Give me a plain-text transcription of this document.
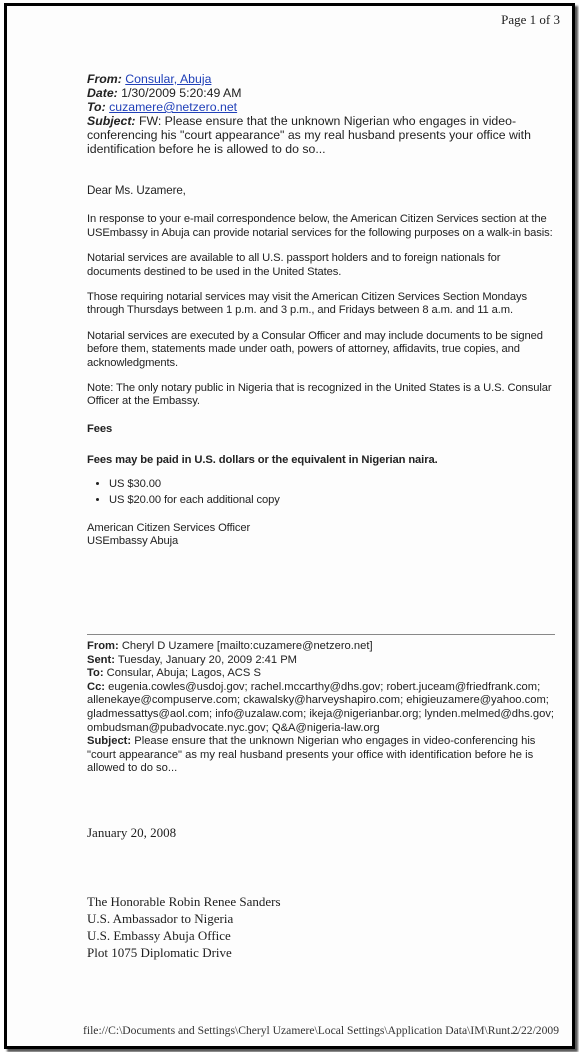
Page 1 of 3
From: Consular, Abuja
Date: 1/30/2009 5:20:49 AM
To: cuzamere@netzero.net
Subject: FW: Please ensure that the unknown Nigerian who engages in video-conferencing his "court appearance" as my real husband presents your office with identification before he is allowed to do so...

Dear Ms. Uzamere,

In response to your e-mail correspondence below, the American Citizen Services section at the USEmbassy in Abuja can provide notarial services for the following purposes on a walk-in basis:

Notarial services are available to all U.S. passport holders and to foreign nationals for documents destined to be used in the United States.

Those requiring notarial services may visit the American Citizen Services Section Mondays through Thursdays between 1 p.m. and 3 p.m., and Fridays between 8 a.m. and 11 a.m.

Notarial services are executed by a Consular Officer and may include documents to be signed before them, statements made under oath, powers of attorney, affidavits, true copies, and acknowledgments.

Note: The only notary public in Nigeria that is recognized in the United States is a U.S. Consular Officer at the Embassy.

Fees

Fees may be paid in U.S. dollars or the equivalent in Nigerian naira.

• US $30.00
• US $20.00 for each additional copy
American Citizen Services Officer
USEmbassy Abuja
From: Cheryl D Uzamere [mailto:cuzamere@netzero.net]
Sent: Tuesday, January 20, 2009 2:41 PM
To: Consular, Abuja; Lagos, ACS S
Cc: eugenia.cowles@usdoj.gov; rachel.mccarthy@dhs.gov; robert.juceam@friedfrank.com; allenekaye@compuserve.com; ckawalsky@harveyshapiro.com; ehigieuzamere@yahoo.com; gladmessattys@aol.com; info@uzalaw.com; ikeja@nigerianbar.org; lynden.melmed@dhs.gov; ombudsman@pubadvocate.nyc.gov; Q&A@nigeria-law.org
Subject: Please ensure that the unknown Nigerian who engages in video-conferencing his "court appearance" as my real husband presents your office with identification before he is allowed to do so...
January 20, 2008
The Honorable Robin Renee Sanders
U.S. Ambassador to Nigeria
U.S. Embassy Abuja Office
Plot 1075 Diplomatic Drive
file://C:\Documents and Settings\Cheryl Uzamere\Local Settings\Application Data\IM\Runt...
2/22/2009
